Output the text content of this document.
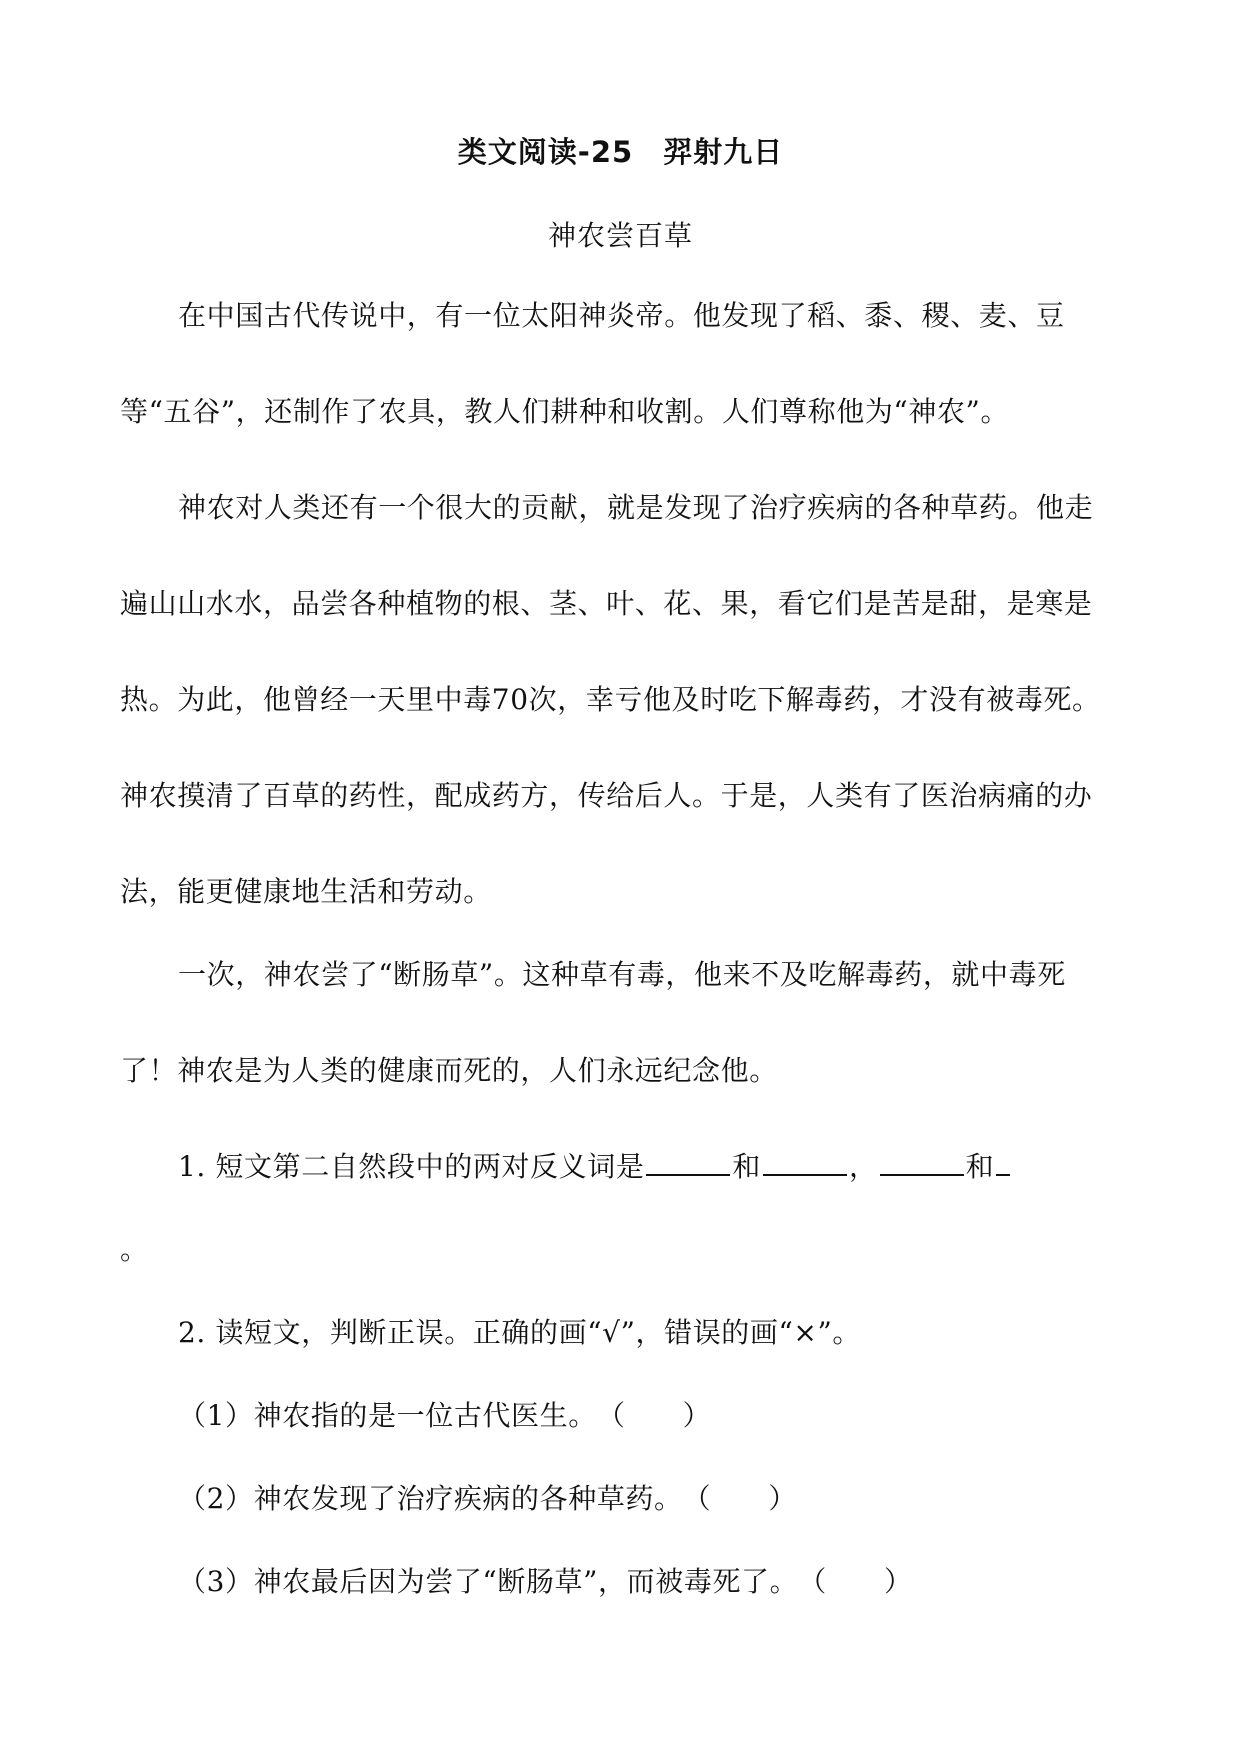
类文阅读-25　羿射九日
神农尝百草
在中国古代传说中，有一位太阳神炎帝。他发现了稻、黍、稷、麦、豆
等“五谷”，还制作了农具，教人们耕种和收割。人们尊称他为“神农”。
神农对人类还有一个很大的贡献，就是发现了治疗疾病的各种草药。他走
遍山山水水，品尝各种植物的根、茎、叶、花、果，看它们是苦是甜，是寒是
热。为此，他曾经一天里中毒70次，幸亏他及时吃下解毒药，才没有被毒死。
神农摸清了百草的药性，配成药方，传给后人。于是，人类有了医治病痛的办
法，能更健康地生活和劳动。
一次，神农尝了“断肠草”。这种草有毒，他来不及吃解毒药，就中毒死
了！神农是为人类的健康而死的，人们永远纪念他。
1. 短文第二自然段中的两对反义词是	和	，	和
。
2. 读短文，判断正误。正确的画“√”，错误的画“×”。
（1）神农指的是一位古代医生。（　　）
（2）神农发现了治疗疾病的各种草药。（　　）
（3）神农最后因为尝了“断肠草”，而被毒死了。（　　）
